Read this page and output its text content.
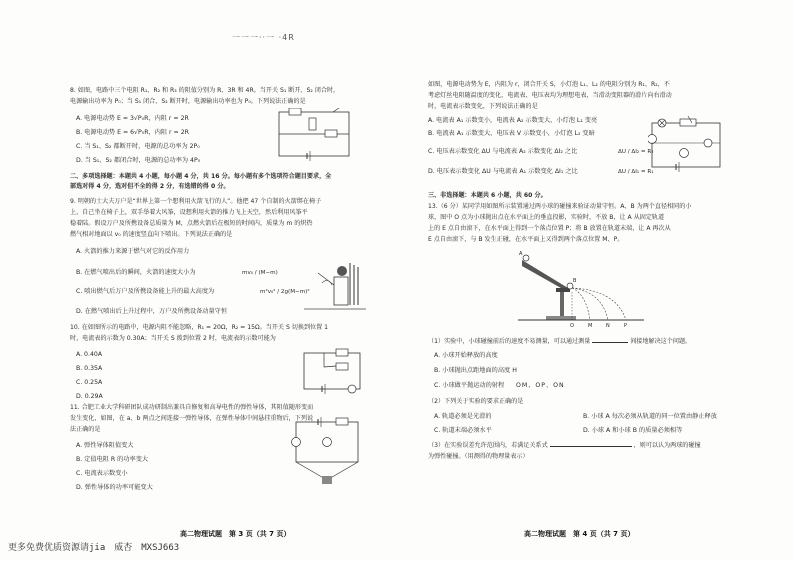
一一一··一 ·4R
8. 如图，电路中三个电阻 R₁、R₂ 和 R₃ 的阻值分别为 R、3R 和 4R。当开关 S₁ 断开、S₂ 闭合时，
电源输出功率为 P₀；当 S₁ 闭合、S₂ 断开时，电源输出功率也为 P₀。下列说法正确的是
A. 电源电动势 E = 3√P₀R，内阻 r = 2R
B. 电源电动势 E = 6√P₀R，内阻 r = 2R
C. 当 S₁、S₂ 都断开时，电源的总功率为 2P₀
D. 当 S₁、S₂ 都闭合时，电源的总功率为 4P₀
二、多项选择题：本题共 4 小题，每小题 4 分，共 16 分。每小题有多个选项符合题目要求，全
部选对得 4 分，选对但不全的得 2 分，有选错的得 0 分。
9. 明朝的士大夫万户是“世界上第一个想利用火箭飞行的人”。他把 47 个自制的火箭绑在椅子
上，自己坐在椅子上，双手举着大风筝，设想利用火箭的推力飞上天空，然后利用风筝平
稳着陆。假设万户及所携设备总质量为 M，点燃火箭后在极短的时间内，质量为 m 的炽热
燃气相对地面以 v₀ 的速度竖直向下喷出。下列说法正确的是
A. 火箭的推力来源于燃气对它的反作用力
B. 在燃气喷出后的瞬间，火箭的速度大小为	mv₀ / (M−m)
C. 喷出燃气后万户及所携设备能上升的最大高度为	m²v₀² / 2g(M−m)²
D. 在燃气喷出后上升过程中，万户及所携设备动量守恒
10. 在如图所示的电路中，电源内阻不能忽略，R₁ = 20Ω，R₂ = 15Ω。当开关 S 切换到位置 1
时，电流表的示数为 0.30A；当开关 S 拨到位置 2 时，电流表的示数可能为
A. 0.40A
B. 0.35A
C. 0.25A
D. 0.29A
11. 合肥工业大学科研团队成功研制出兼具自修复和高导电性的弹性导体，其阻值随形变而
发生变化，如图，在 a、b 两点之间连接一弹性导体，在弹性导体中间悬挂重物后，下列说
法正确的是
A. 弹性导体阻值变大
B. 定值电阻 R 的功率变大
C. 电流表示数变小
D. 弹性导体的功率可能变大
高二物理试题　第 3 页（共 7 页）
如图，电源电动势为 E，内阻为 r，闭合开关 S，小灯泡 L₁、L₂ 的电阻分别为 R₁、R₂，不
考虑灯丝电阻随温度的变化，电流表、电压表均为理想电表，当滑动变阻器的滑片向右滑动
时，电流表示数变化，下列说法正确的是
A. 电流表 A₁ 示数变小，电流表 A₂ 示数变大，小灯泡 L₁ 变亮
B. 电流表 A₁ 示数变大，电压表 V 示数变小，小灯泡 L₂ 变暗
C. 电压表示数变化 ΔU 与电流表 A₂ 示数变化 ΔI₂ 之比	ΔU / ΔI₂ = R₂
D. 电压表示数变化 ΔU 与电流表 A₁ 示数变化 ΔI₁ 之比	ΔU / ΔI₁ = R₁
三、非选择题：本题共 6 小题，共 60 分。
13.（6 分）某同学用如图所示装置通过两小球的碰撞来验证动量守恒。A、B 为两个直径相同的小
球，图中 O 点为小球抛出点在水平面上的垂直投影，实验时，不放 B，让 A 从固定轨道
上的 E 点自由滚下，在水平面上得到一个落点位置 P；将 B 放置在轨道末端，让 A 再次从
E 点自由滚下，与 B 发生正碰，在水平面上又得到两个落点位置 M、P。
A
B
O	M	N	P
（1）实验中，小球碰撞前后的速度不易测量，可以通过测量	间接地解决这个问题。
A. 小球开始释放的高度
B. 小球抛出点距地面的高度 H
C. 小球做平抛运动的射程 OM、OP、ON
（2）下列关于实验的要求正确的是
A. 轨道必须是光滑的	B. 小球 A 每次必须从轨道的同一位置由静止释放
C. 轨道末端必须水平	D. 小球 A 和小球 B 的质量必须相等
（3）在实验误差允许范围内，若满足关系式	，则可以认为两球的碰撞
为弹性碰撞。（用测得的物理量表示）
高二物理试题　第 4 页（共 7 页）
更多免费优质资源请jia　威杏　MXSJ663
